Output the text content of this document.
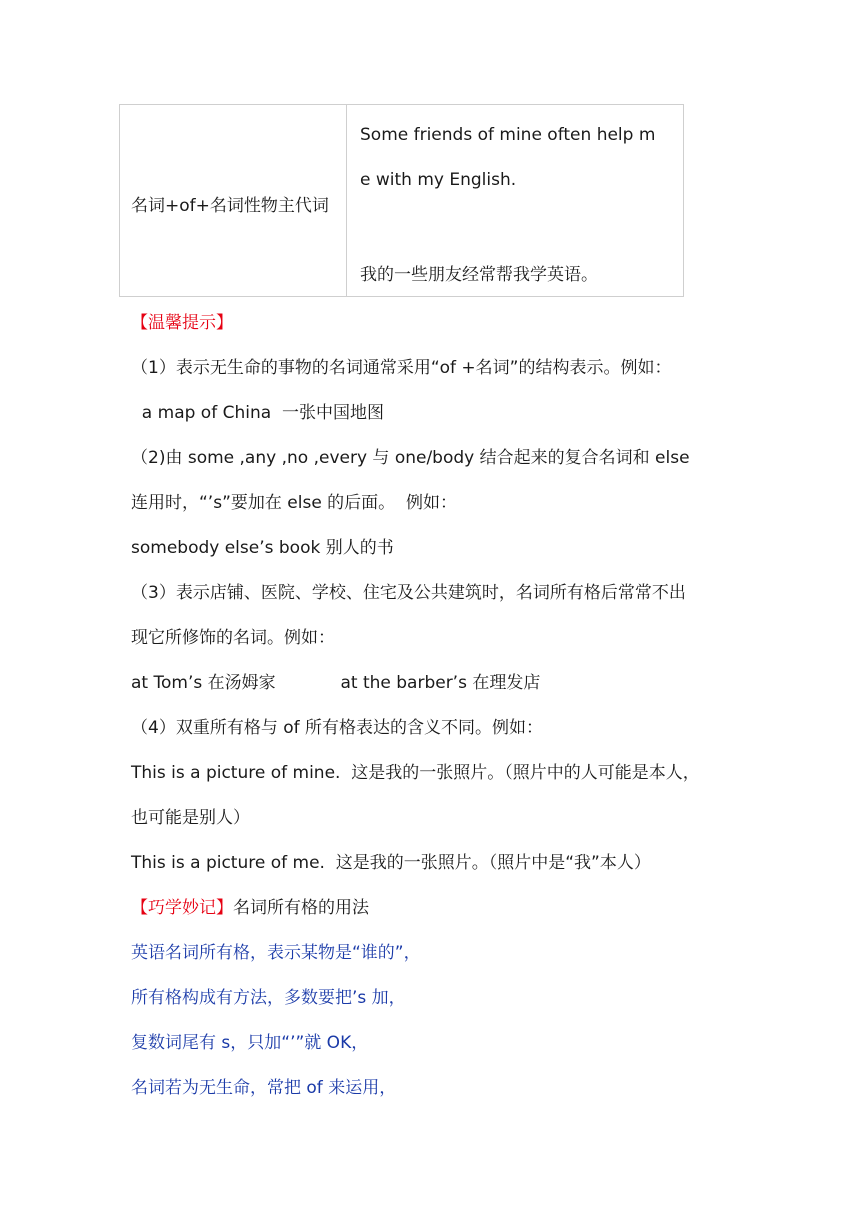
名词+of+名词性物主代词
Some friends of mine often help m
e with my English.
我的一些朋友经常帮我学英语。
【温馨提示】
（1）表示无生命的事物的名词通常采用“of +名词”的结构表示。例如：
a map of China  一张中国地图
（2)由 some ,any ,no ,every 与 one/body 结合起来的复合名词和 else
连用时，“’s”要加在 else 的后面。  例如：
somebody else’s book 别人的书
（3）表示店铺、医院、学校、住宅及公共建筑时，名词所有格后常常不出
现它所修饰的名词。例如：
at Tom’s 在汤姆家            at the barber’s 在理发店
（4）双重所有格与 of 所有格表达的含义不同。例如：
This is a picture of mine.  这是我的一张照片。（照片中的人可能是本人，
也可能是别人）
This is a picture of me.  这是我的一张照片。（照片中是“我”本人）
【巧学妙记】名词所有格的用法
英语名词所有格，表示某物是“谁的”，
所有格构成有方法，多数要把’s 加，
复数词尾有 s，只加“’”就 OK，
名词若为无生命，常把 of 来运用，
